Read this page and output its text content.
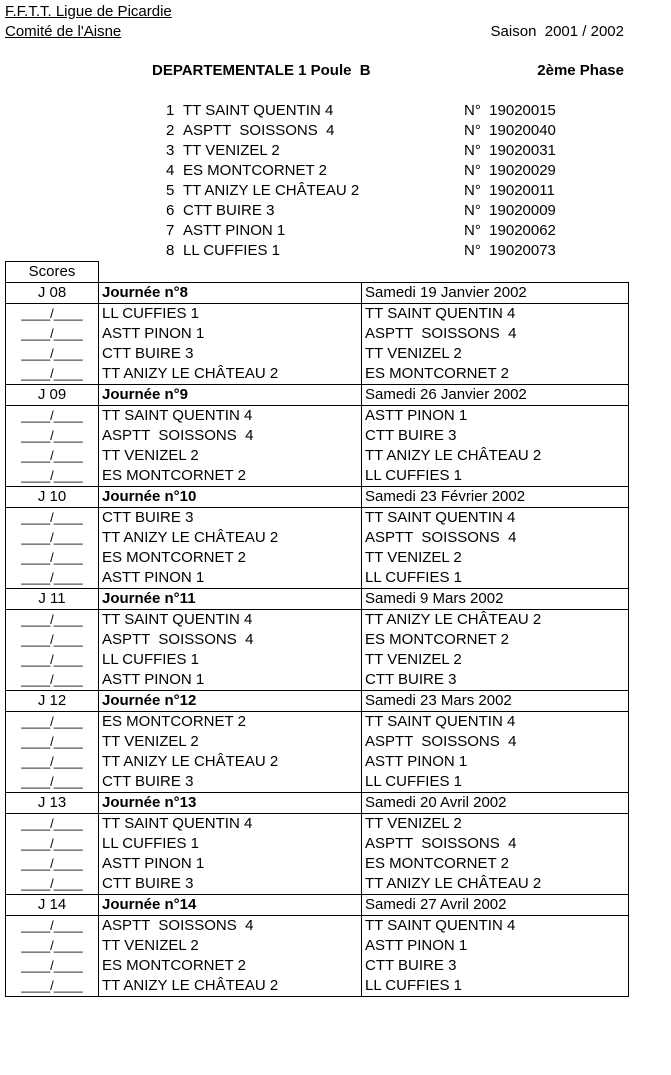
F.F.T.T. Ligue de Picardie
Comité de l'Aisne	Saison  2001 / 2002
DEPARTEMENTALE 1 Poule  B	2ème Phase
1 TT SAINT QUENTIN 4	N°  19020015
2 ASPTT  SOISSONS  4	N°  19020040
3 TT VENIZEL 2	N°  19020031
4 ES MONTCORNET 2	N°  19020029
5 TT ANIZY LE CHÂTEAU 2	N°  19020011
6 CTT BUIRE 3	N°  19020009
7 ASTT PINON 1	N°  19020062
8 LL CUFFIES 1	N°  19020073
Scores		
J 08	Journée n°8	Samedi 19 Janvier 2002
____/____	LL CUFFIES 1	TT SAINT QUENTIN 4
____/____	ASTT PINON 1	ASPTT  SOISSONS  4
____/____	CTT BUIRE 3	TT VENIZEL 2
____/____	TT ANIZY LE CHÂTEAU 2	ES MONTCORNET 2
J 09	Journée n°9	Samedi 26 Janvier 2002
____/____	TT SAINT QUENTIN 4	ASTT PINON 1
____/____	ASPTT  SOISSONS  4	CTT BUIRE 3
____/____	TT VENIZEL 2	TT ANIZY LE CHÂTEAU 2
____/____	ES MONTCORNET 2	LL CUFFIES 1
J 10	Journée n°10	Samedi 23 Février 2002
____/____	CTT BUIRE 3	TT SAINT QUENTIN 4
____/____	TT ANIZY LE CHÂTEAU 2	ASPTT  SOISSONS  4
____/____	ES MONTCORNET 2	TT VENIZEL 2
____/____	ASTT PINON 1	LL CUFFIES 1
J 11	Journée n°11	Samedi 9 Mars 2002
____/____	TT SAINT QUENTIN 4	TT ANIZY LE CHÂTEAU 2
____/____	ASPTT  SOISSONS  4	ES MONTCORNET 2
____/____	LL CUFFIES 1	TT VENIZEL 2
____/____	ASTT PINON 1	CTT BUIRE 3
J 12	Journée n°12	Samedi 23 Mars 2002
____/____	ES MONTCORNET 2	TT SAINT QUENTIN 4
____/____	TT VENIZEL 2	ASPTT  SOISSONS  4
____/____	TT ANIZY LE CHÂTEAU 2	ASTT PINON 1
____/____	CTT BUIRE 3	LL CUFFIES 1
J 13	Journée n°13	Samedi 20 Avril 2002
____/____	TT SAINT QUENTIN 4	TT VENIZEL 2
____/____	LL CUFFIES 1	ASPTT  SOISSONS  4
____/____	ASTT PINON 1	ES MONTCORNET 2
____/____	CTT BUIRE 3	TT ANIZY LE CHÂTEAU 2
J 14	Journée n°14	Samedi 27 Avril 2002
____/____	ASPTT  SOISSONS  4	TT SAINT QUENTIN 4
____/____	TT VENIZEL 2	ASTT PINON 1
____/____	ES MONTCORNET 2	CTT BUIRE 3
____/____	TT ANIZY LE CHÂTEAU 2	LL CUFFIES 1
